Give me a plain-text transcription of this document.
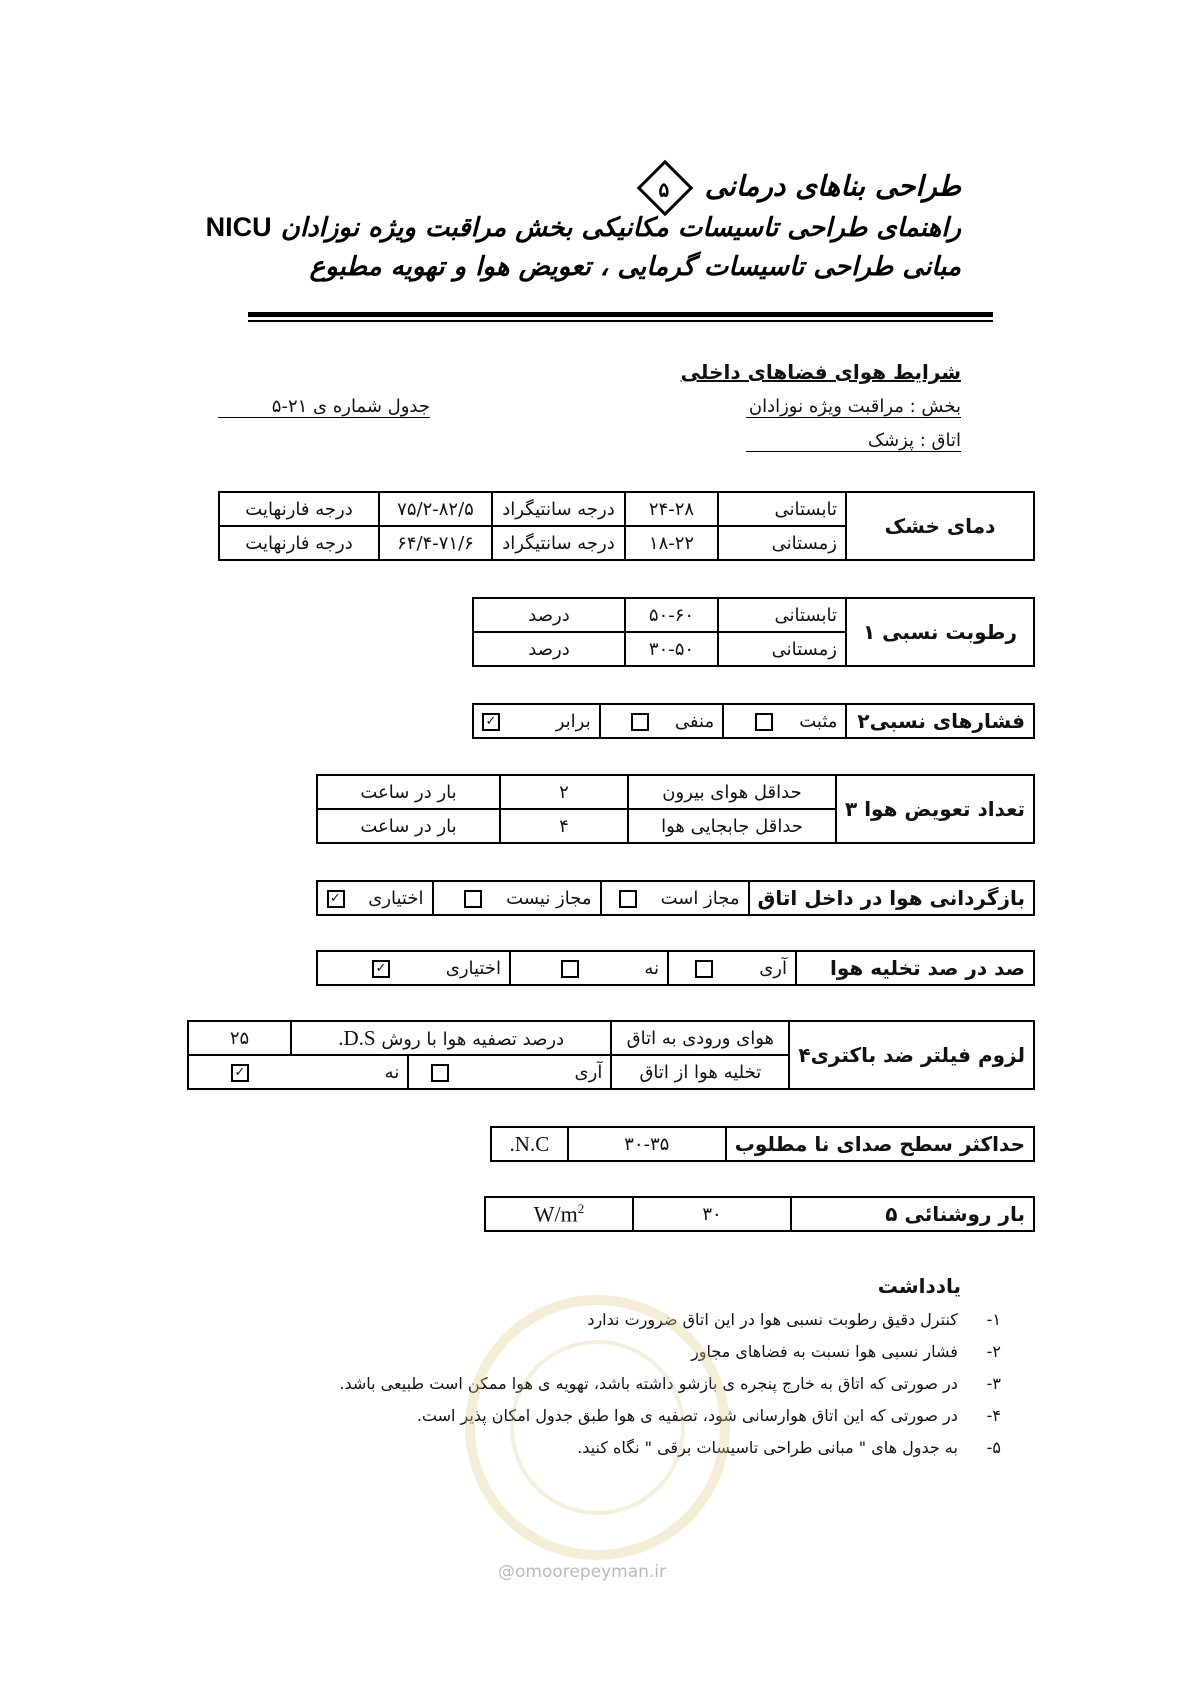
طراحی بناهای درمانی ۵
راهنمای طراحی تاسیسات مکانیکی بخش مراقبت ویژه نوزادان NICU
مبانی طراحی تاسیسات گرمایی ، تعویض هوا و تهویه مطبوع
شرایط هوای فضاهای داخلی
بخش : مراقبت ویژه نوزادان
جدول شماره ی ۲۱-۵
اتاق : پزشک
دمای خشک	تابستانی	۲۴-۲۸	درجه سانتیگراد	۷۵/۲-۸۲/۵	درجه فارنهایت
	زمستانی	۱۸-۲۲	درجه سانتیگراد	۶۴/۴-۷۱/۶	درجه فارنهایت
رطوبت نسبی ۱	تابستانی	۵۰-۶۰	درصد
	زمستانی	۳۰-۵۰	درصد
فشارهای نسبی۲	مثبت	منفی	برابر ✓
تعداد تعویض هوا ۳	حداقل هوای بیرون	۲	بار در ساعت
	حداقل جابجایی هوا	۴	بار در ساعت
بازگردانی هوا در داخل اتاق	مجاز است	مجاز نیست	اختیاری ✓
صد در صد تخلیه هوا	آری	نه	اختیاری ✓
لزوم فیلتر ضد باکتری۴	هوای ورودی به اتاق	درصد تصفیه هوا با روش D.S.		۲۵
	تخلیه هوا از اتاق	آری	نه ✓	
حداکثر سطح صدای نا مطلوب	۳۰-۳۵	N.C.
بار روشنائی ۵	۳۰	$W/m^2$
یادداشت
۱- کنترل دقیق رطوبت نسبی هوا در این اتاق ضرورت ندارد
۲- فشار نسبی هوا نسبت به فضاهای مجاور
۳- در صورتی که اتاق به خارج پنجره ی بازشو داشته باشد، تهویه ی هوا ممکن است طبیعی باشد.
۴- در صورتی که این اتاق هوارسانی شود، تصفیه ی هوا طبق جدول امکان پذیر است.
۵- به جدول های " مبانی طراحی تاسیسات برقی " نگاه کنید.
@omoorepeyman.ir
